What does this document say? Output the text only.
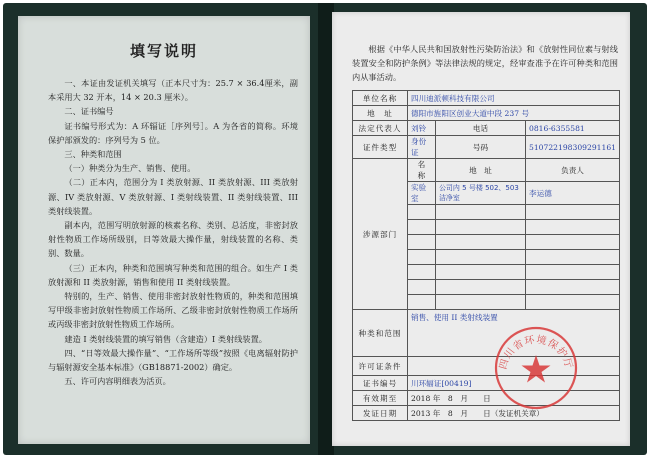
填写说明

一、本证由发证机关填写（正本尺寸为：25.7 × 36.4厘米，副本采用大 32 开本，14 × 20.3 厘米）。

二、证书编号

证书编号形式为：A 环辐证［序列号］。A 为各省的简称。环境保护部颁发的：序列号为 5 位。

三、种类和范围

（一）种类分为生产、销售、使用。

（二）正本内，范围分为 I 类放射源、II 类放射源、III 类放射源、IV 类放射源、V 类放射源、I 类射线装置、II 类射线装置、III 类射线装置。

副本内，范围写明放射源的核素名称、类别、总活度，非密封放射性物质工作场所级别，日等效最大操作量，射线装置的名称、类别、数量。

（三）正本内，种类和范围填写种类和范围的组合。如生产 I 类放射源和 II 类放射源，销售和使用 II 类射线装置。

特别的，生产、销售、使用非密封放射性物质的，种类和范围填写甲级非密封放射性物质工作场所、乙级非密封放射性物质工作场所或丙级非密封放射性物质工作场所。

建造 I 类射线装置的填写销售（含建造）I 类射线装置。

四、“日等效最大操作量”、“工作场所等级”按照《电离辐射防护与辐射源安全基本标准》（GB18871-2002）确定。

五、许可内容明细表为活页。

根据《中华人民共和国放射性污染防治法》和《放射性同位素与射线装置安全和防护条例》等法律法规的规定，经审查准予在许可种类和范围内从事活动。

单位名称	四川迪派顿科技有限公司		
地　址	德阳市旌阳区创业大道中段 237 号		
法定代表人	刘铃	电话	0816-6355581
证件类型	身份证	号码	510722198309291161
涉源部门	名　称	地　址	负责人
	实验室	公司内 5 号楼 502、503 洁净室	李运德

种类和范围	销售、使用 II 类射线装置		
许可证条件			
证书编号	川环辐证[00419]		
有效期至	2018 年　8　月　　日		
发证日期	2013 年　8　月　　日（发证机关章）		
四川省环境保护厅
